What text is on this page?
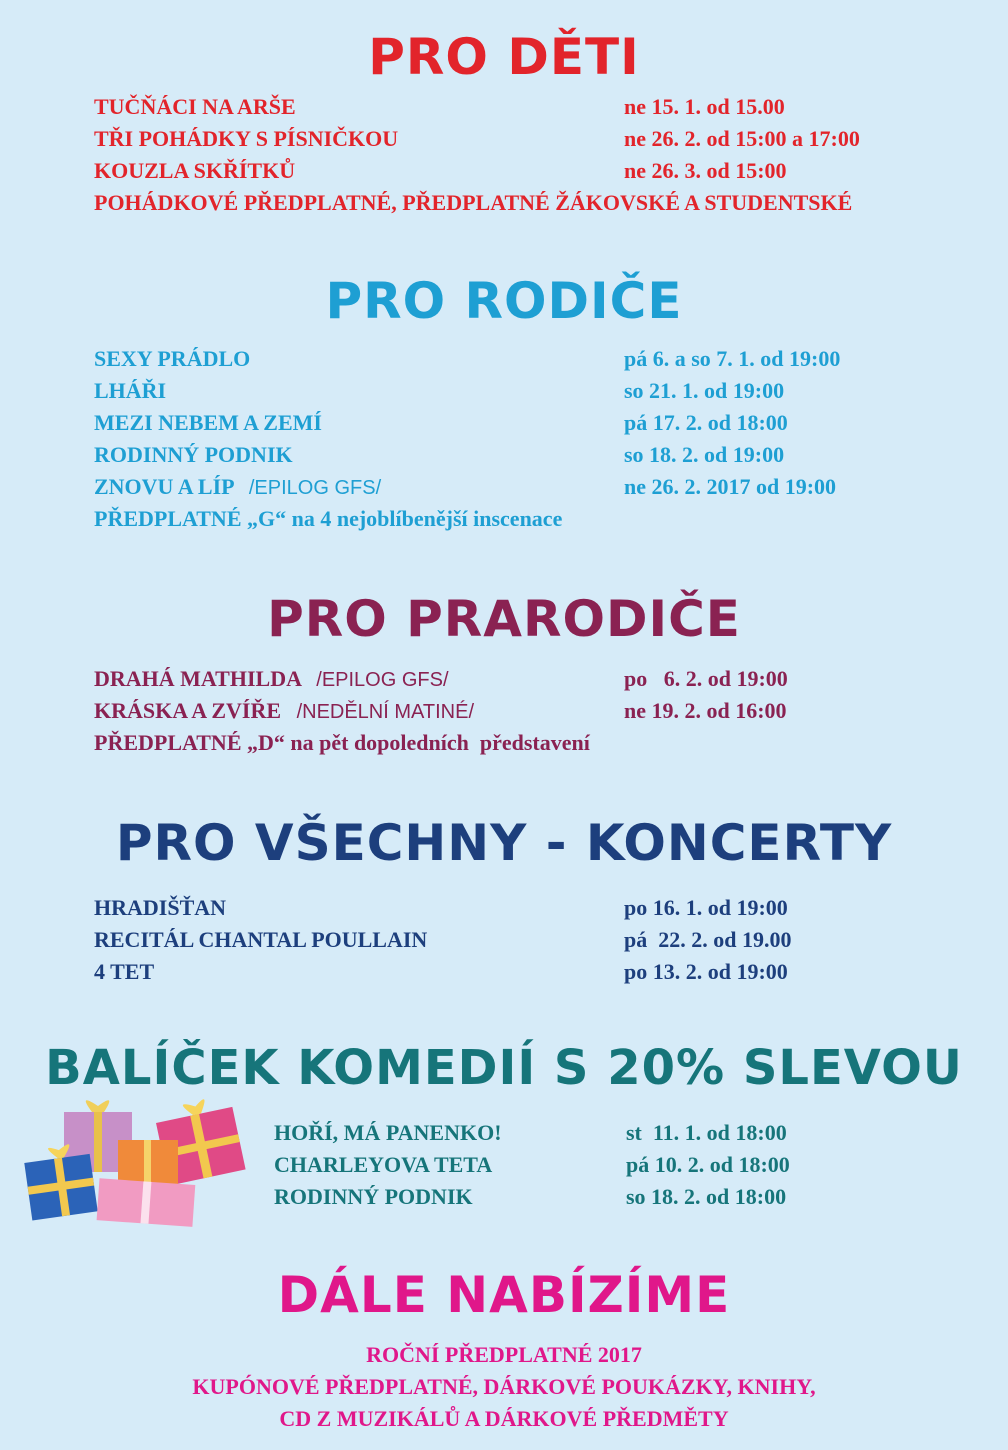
PRO DĚTI
TUČŇÁCI NA ARŠE	ne 15. 1. od 15.00
TŘI POHÁDKY S PÍSNIČKOU	ne 26. 2. od 15:00 a 17:00
KOUZLA SKŘÍTKŮ	ne 26. 3. od 15:00
POHÁDKOVÉ PŘEDPLATNÉ, PŘEDPLATNÉ ŽÁKOVSKÉ A STUDENTSKÉ
PRO RODIČE
SEXY PRÁDLO	pá 6. a so 7. 1. od 19:00
LHÁŘI	so 21. 1. od 19:00
MEZI NEBEM A ZEMÍ	pá 17. 2. od 18:00
RODINNÝ PODNIK	so 18. 2. od 19:00
ZNOVU A LÍP /EPILOG GFS/	ne 26. 2. 2017 od 19:00
PŘEDPLATNÉ „G“ na 4 nejoblíbenější inscenace
PRO PRARODIČE
DRAHÁ MATHILDA /EPILOG GFS/	po   6. 2. od 19:00
KRÁSKA A ZVÍŘE /NEDĚLNÍ MATINÉ/	ne 19. 2. od 16:00
PŘEDPLATNÉ „D“ na pět dopoledních  představení
PRO VŠECHNY - KONCERTY
HRADIŠŤAN	po 16. 1. od 19:00
RECITÁL CHANTAL POULLAIN	pá  22. 2. od 19.00
4 TET	po 13. 2. od 19:00
BALÍČEK KOMEDIÍ S 20% SLEVOU
HOŘÍ, MÁ PANENKO!	st  11. 1. od 18:00
CHARLEYOVA TETA	pá 10. 2. od 18:00
RODINNÝ PODNIK	so 18. 2. od 18:00
DÁLE NABÍZÍME
ROČNÍ PŘEDPLATNÉ 2017
KUPÓNOVÉ PŘEDPLATNÉ, DÁRKOVÉ POUKÁZKY, KNIHY,
CD Z MUZIKÁLŮ A DÁRKOVÉ PŘEDMĚTY
